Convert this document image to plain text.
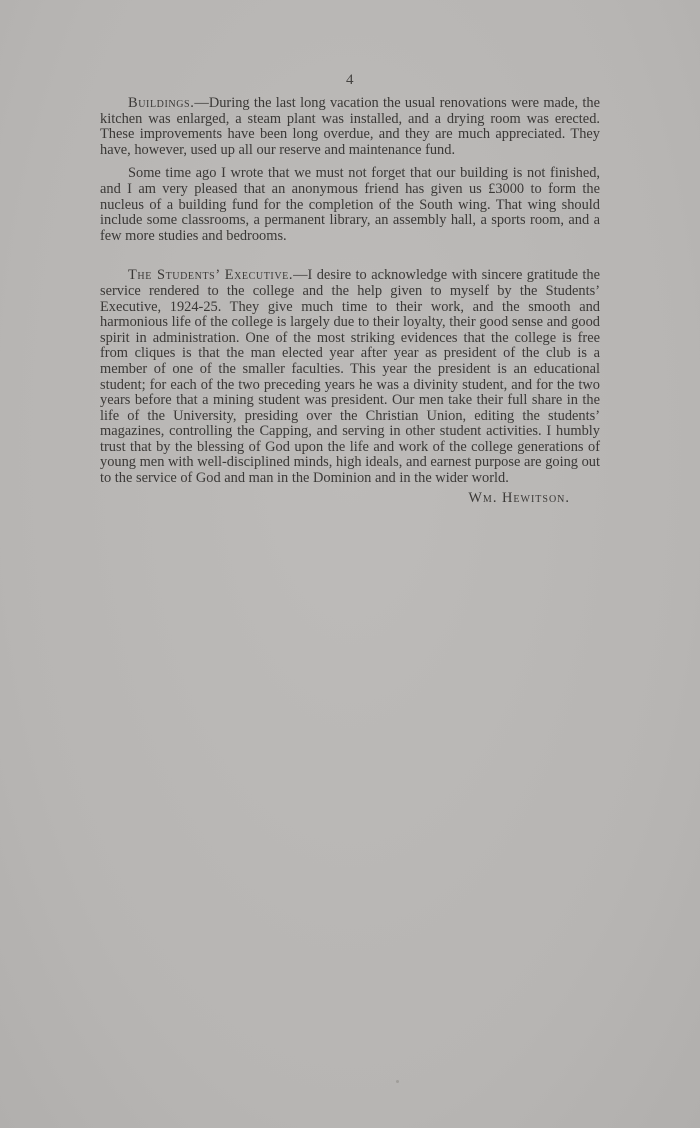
4

Buildings.—During the last long vacation the usual renovations were made, the kitchen was enlarged, a steam plant was installed, and a drying room was erected. These improvements have been long overdue, and they are much appreciated. They have, however, used up all our reserve and maintenance fund.

Some time ago I wrote that we must not forget that our building is not finished, and I am very pleased that an anonymous friend has given us £3000 to form the nucleus of a building fund for the completion of the South wing. That wing should include some classrooms, a permanent library, an assembly hall, a sports room, and a few more studies and bedrooms.

The Students’ Executive.—I desire to acknowledge with sincere gratitude the service rendered to the college and the help given to myself by the Students’ Executive, 1924-25. They give much time to their work, and the smooth and harmonious life of the college is largely due to their loyalty, their good sense and good spirit in administration. One of the most striking evidences that the college is free from cliques is that the man elected year after year as president of the club is a member of one of the smaller faculties. This year the president is an educational student; for each of the two preceding years he was a divinity student, and for the two years before that a mining student was president. Our men take their full share in the life of the University, presiding over the Christian Union, editing the students’ magazines, controlling the Capping, and serving in other student activities. I humbly trust that by the blessing of God upon the life and work of the college generations of young men with well-disciplined minds, high ideals, and earnest purpose are going out to the service of God and man in the Dominion and in the wider world.

Wm. Hewitson.
